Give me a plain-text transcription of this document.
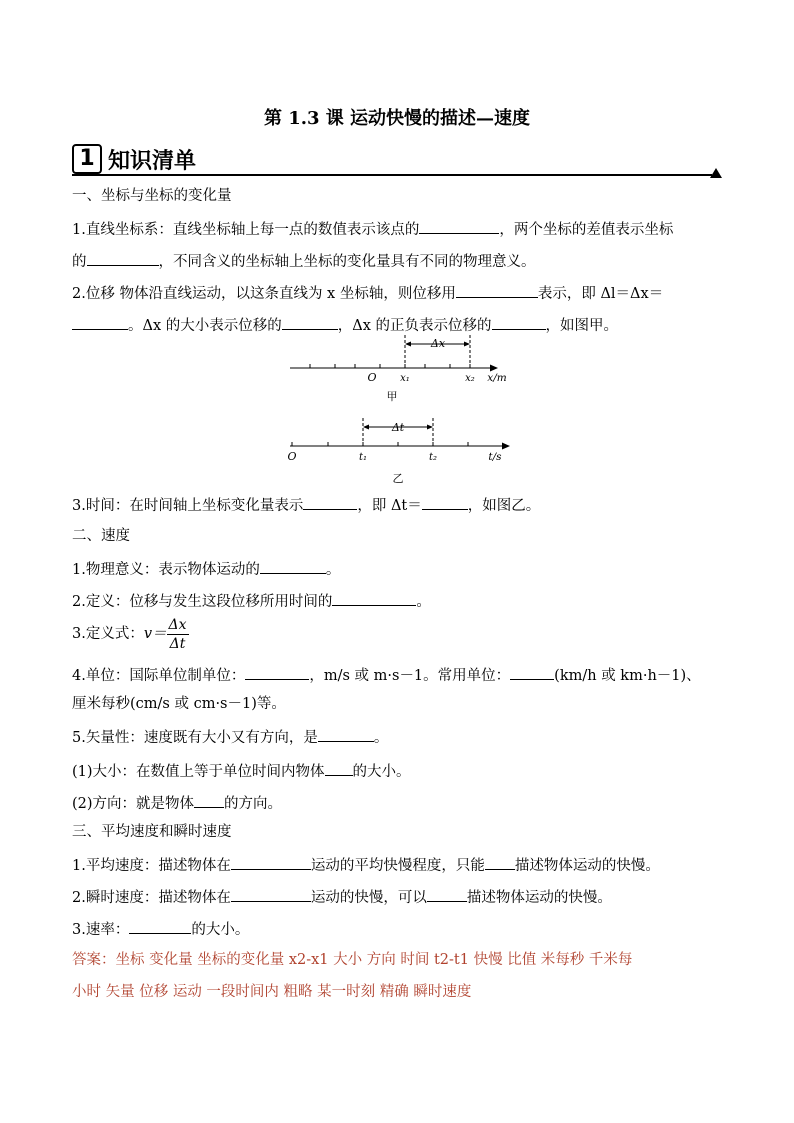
第 1.3 课 运动快慢的描述—速度
1 知识清单
一、坐标与坐标的变化量
1.直线坐标系：直线坐标轴上每一点的数值表示该点的	，两个坐标的差值表示坐标
的	，不同含义的坐标轴上坐标的变化量具有不同的物理意义。
2.位移 物体沿直线运动，以这条直线为 x 坐标轴，则位移用	表示，即 Δl＝Δx＝
。Δx 的大小表示位移的	，Δx 的正负表示位移的	，如图甲。
Δx
O x₁	x₂ x/m
甲
Δt
O	t₁	t₂	t/s
乙
3.时间：在时间轴上坐标变化量表示	，即 Δt＝	，如图乙。
二、速度
1.物理意义：表示物体运动的	。
2.定义：位移与发生这段位移所用时间的	。
3.定义式：$v= \frac{\Delta x}{\Delta t}$
4.单位：国际单位制单位：	，m/s 或 m·s－1。常用单位：	(km/h 或 km·h－1)、
厘米每秒(cm/s 或 cm·s－1)等。
5.矢量性：速度既有大小又有方向，是	。
(1)大小：在数值上等于单位时间内物体 的大小。
(2)方向：就是物体 的方向。
三、平均速度和瞬时速度
1.平均速度：描述物体在	运动的平均快慢程度，只能 描述物体运动的快慢。
2.瞬时速度：描述物体在	运动的快慢，可以	描述物体运动的快慢。
3.速率：	的大小。
答案：坐标 变化量 坐标的变化量 x2-x1 大小 方向 时间 t2-t1 快慢 比值 米每秒 千米每
小时 矢量 位移 运动 一段时间内 粗略 某一时刻 精确 瞬时速度
